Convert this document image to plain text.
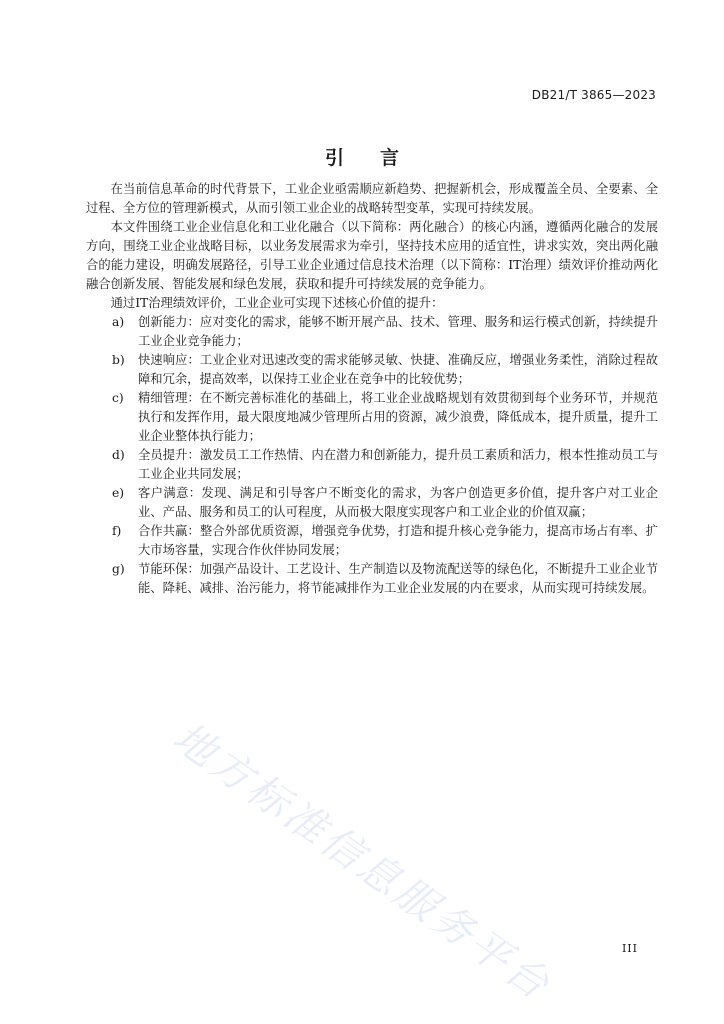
DB21/T 3865—2023
引言

在当前信息革命的时代背景下，工业企业亟需顺应新趋势、把握新机会，形成覆盖全员、全要素、全过程、全方位的管理新模式，从而引领工业企业的战略转型变革，实现可持续发展。

本文件围绕工业企业信息化和工业化融合（以下简称：两化融合）的核心内涵，遵循两化融合的发展方向，围绕工业企业战略目标，以业务发展需求为牵引，坚持技术应用的适宜性，讲求实效，突出两化融合的能力建设，明确发展路径，引导工业企业通过信息技术治理（以下简称：IT治理）绩效评价推动两化融合创新发展、智能发展和绿色发展，获取和提升可持续发展的竞争能力。

通过IT治理绩效评价，工业企业可实现下述核心价值的提升：

a) 创新能力：应对变化的需求，能够不断开展产品、技术、管理、服务和运行模式创新，持续提升工业企业竞争能力；
b) 快速响应：工业企业对迅速改变的需求能够灵敏、快捷、准确反应，增强业务柔性，消除过程故障和冗余，提高效率，以保持工业企业在竞争中的比较优势；
c) 精细管理：在不断完善标准化的基础上，将工业企业战略规划有效贯彻到每个业务环节，并规范执行和发挥作用，最大限度地减少管理所占用的资源，减少浪费，降低成本，提升质量，提升工业企业整体执行能力；
d) 全员提升：激发员工工作热情、内在潜力和创新能力，提升员工素质和活力，根本性推动员工与工业企业共同发展；
e) 客户满意：发现、满足和引导客户不断变化的需求，为客户创造更多价值，提升客户对工业企业、产品、服务和员工的认可程度，从而极大限度实现客户和工业企业的价值双赢；
f) 合作共赢：整合外部优质资源，增强竞争优势，打造和提升核心竞争能力，提高市场占有率、扩大市场容量，实现合作伙伴协同发展；
g) 节能环保：加强产品设计、工艺设计、生产制造以及物流配送等的绿色化，不断提升工业企业节能、降耗、减排、治污能力，将节能减排作为工业企业发展的内在要求，从而实现可持续发展。
地方标准信息服务平台	III
